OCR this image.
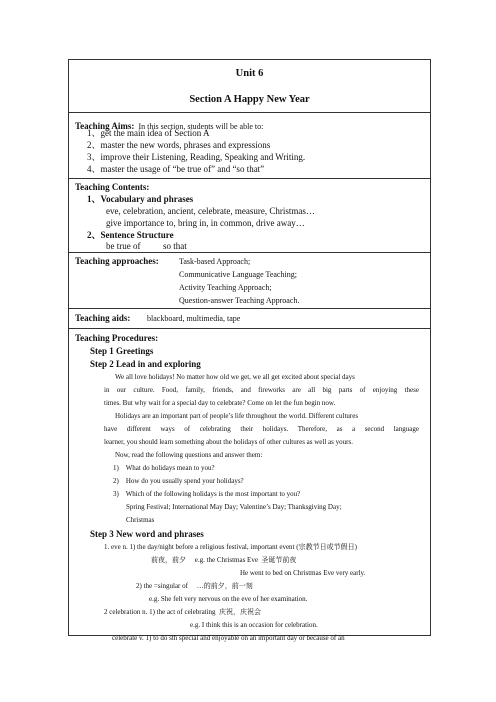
Unit 6
Section A Happy New Year
Teaching Aims: In this section, students will be able to:
1、get the main idea of Section A
2、master the new words, phrases and expressions
3、improve their Listening, Reading, Speaking and Writing.
4、master the usage of “be true of” and “so that”
Teaching Contents:
1、Vocabulary and phrases
eve, celebration, ancient, celebrate, measure, Christmas…
give importance to, bring in, in common, drive away…
2、Sentence Structure
be true of          so that
Teaching approaches:	Task-based Approach;
Communicative Language Teaching;
Activity Teaching Approach;
Question-answer Teaching Approach.
Teaching aids: blackboard, multimedia, tape
Teaching Procedures:
Step 1 Greetings
Step 2 Lead in and exploring
We all love holidays! No matter how old we get, we all get excited about special days
in our culture. Food, family, friends, and fireworks are all big parts of enjoying these
times. But why wait for a special day to celebrate? Come on let the fun begin now.
Holidays are an important part of people’s life throughout the world. Different cultures
have different ways of celebrating their holidays. Therefore, as a second language
learner, you should learn something about the holidays of other cultures as well as yours.
Now, read the following questions and answer them:
1)    What do holidays mean to you?
2)    How do you usually spend your holidays?
3)    Which of the following holidays is the most important to you?
Spring Festival; International May Day; Valentine’s Day; Thanksgiving Day;
Christmas
Step 3 New word and phrases
1. eve n. 1) the day/night before a religious festival, important event (宗教节日或节假日)
前夜，前夕     e.g. the Christmas Eve  圣诞节前夜
He went to bed on Christmas Eve very early.
2) the =singular of     …的前夕，前一刻
e.g. She felt very nervous on the eve of her examination.
2 celebration n. 1) the act of celebrating  庆祝，庆祝会
e.g. I think this is an occasion for celebration.
celebrate v. 1) to do sth special and enjoyable on an important day or because of an
